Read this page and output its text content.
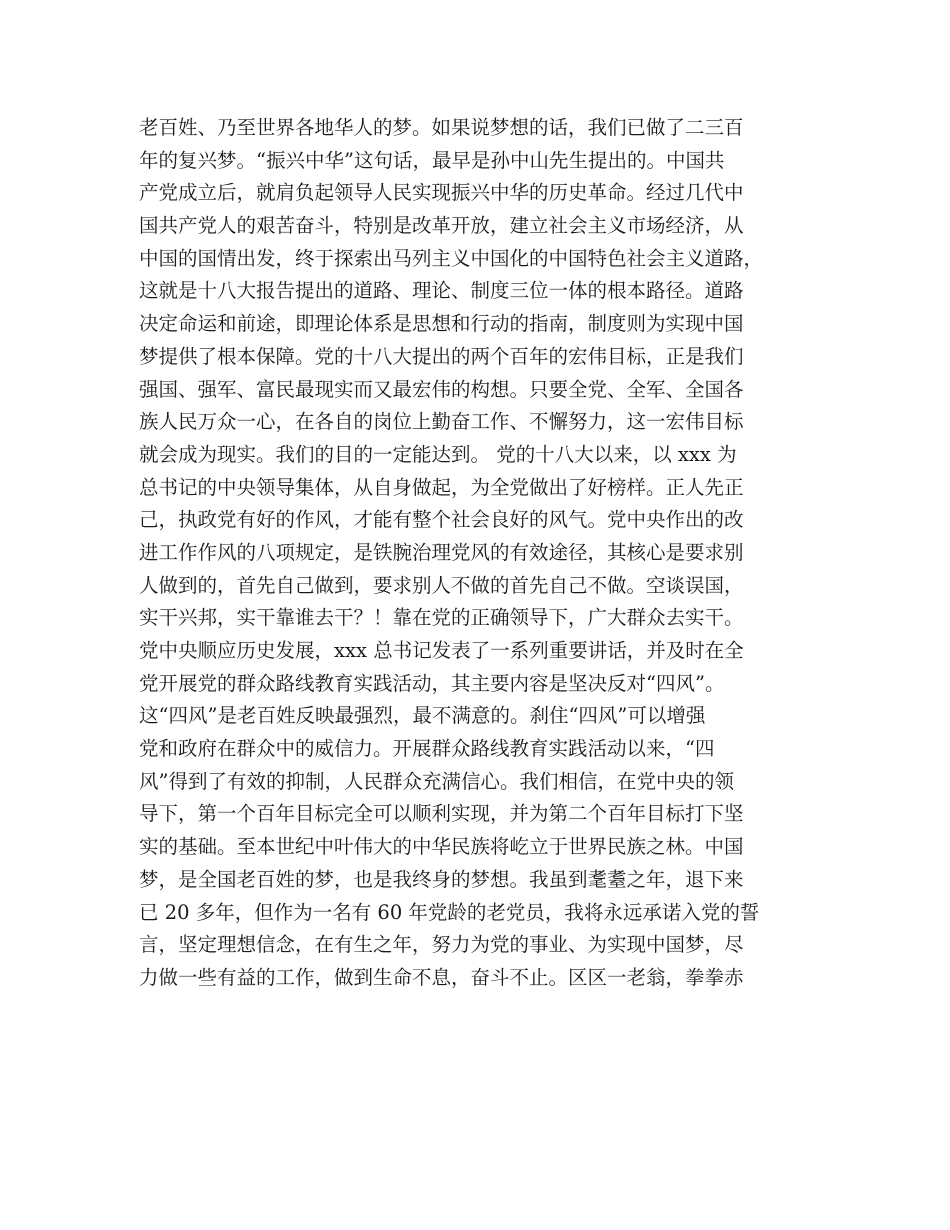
老百姓、乃至世界各地华人的梦。如果说梦想的话，我们已做了二三百
年的复兴梦。“振兴中华”这句话，最早是孙中山先生提出的。中国共
产党成立后，就肩负起领导人民实现振兴中华的历史革命。经过几代中
国共产党人的艰苦奋斗，特别是改革开放，建立社会主义市场经济，从
中国的国情出发，终于探索出马列主义中国化的中国特色社会主义道路，
这就是十八大报告提出的道路、理论、制度三位一体的根本路径。道路
决定命运和前途，即理论体系是思想和行动的指南，制度则为实现中国
梦提供了根本保障。党的十八大提出的两个百年的宏伟目标，正是我们
强国、强军、富民最现实而又最宏伟的构想。只要全党、全军、全国各
族人民万众一心，在各自的岗位上勤奋工作、不懈努力，这一宏伟目标
就会成为现实。我们的目的一定能达到。 党的十八大以来，以 xxx 为
总书记的中央领导集体，从自身做起，为全党做出了好榜样。正人先正
己，执政党有好的作风，才能有整个社会良好的风气。党中央作出的改
进工作作风的八项规定，是铁腕治理党风的有效途径，其核心是要求别
人做到的，首先自己做到，要求别人不做的首先自己不做。空谈误国，
实干兴邦，实干靠谁去干？！靠在党的正确领导下，广大群众去实干。
党中央顺应历史发展，xxx 总书记发表了一系列重要讲话，并及时在全
党开展党的群众路线教育实践活动，其主要内容是坚决反对“四风”。
这“四风”是老百姓反映最强烈，最不满意的。刹住“四风”可以增强
党和政府在群众中的威信力。开展群众路线教育实践活动以来，“四
风”得到了有效的抑制，人民群众充满信心。我们相信，在党中央的领
导下，第一个百年目标完全可以顺利实现，并为第二个百年目标打下坚
实的基础。至本世纪中叶伟大的中华民族将屹立于世界民族之林。中国
梦，是全国老百姓的梦，也是我终身的梦想。我虽到耄耋之年，退下来
已 20 多年，但作为一名有 60 年党龄的老党员，我将永远承诺入党的誓
言，坚定理想信念，在有生之年，努力为党的事业、为实现中国梦，尽
力做一些有益的工作，做到生命不息，奋斗不止。区区一老翁，拳拳赤
